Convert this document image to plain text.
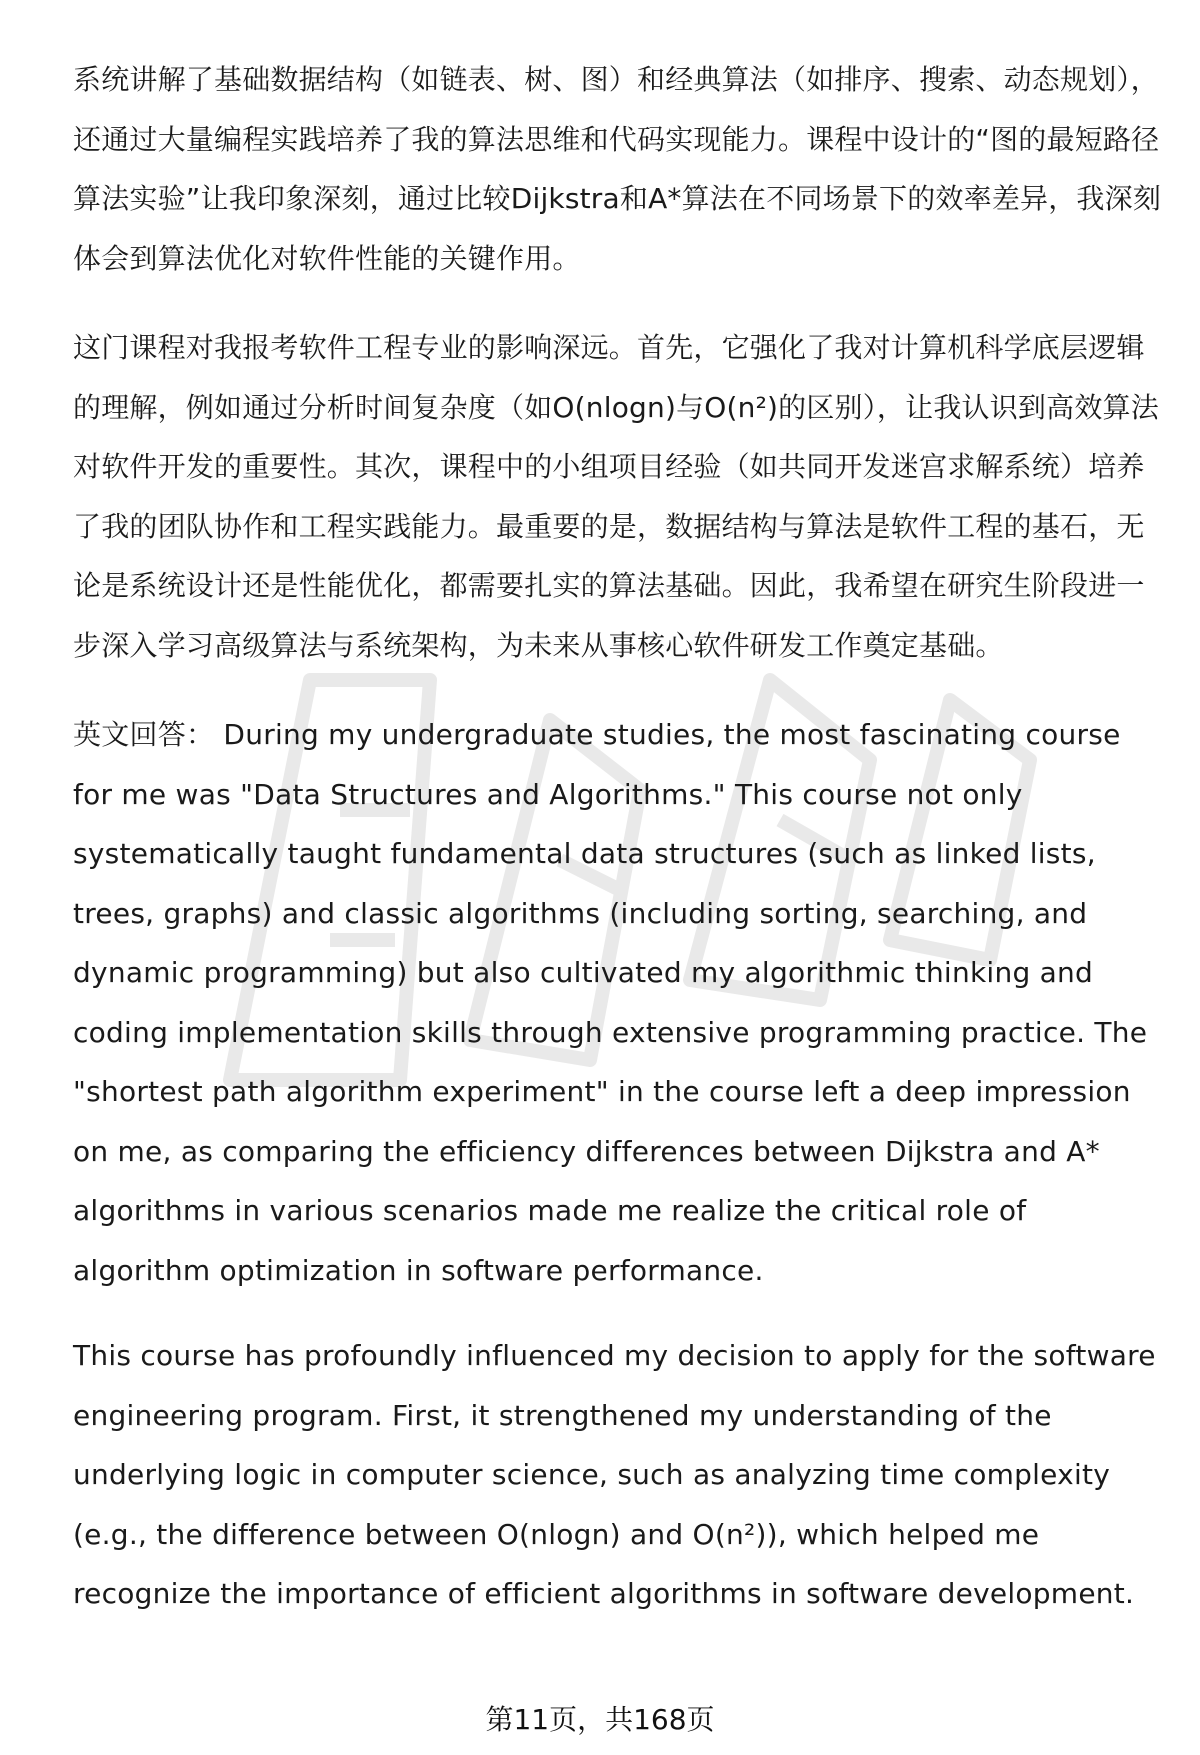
系统讲解了基础数据结构（如链表、树、图）和经典算法（如排序、搜索、动态规划），还通过大量编程实践培养了我的算法思维和代码实现能力。课程中设计的“图的最短路径算法实验”让我印象深刻，通过比较Dijkstra和A*算法在不同场景下的效率差异，我深刻体会到算法优化对软件性能的关键作用。

这门课程对我报考软件工程专业的影响深远。首先，它强化了我对计算机科学底层逻辑的理解，例如通过分析时间复杂度（如O(nlogn)与O(n²)的区别），让我认识到高效算法对软件开发的重要性。其次，课程中的小组项目经验（如共同开发迷宫求解系统）培养了我的团队协作和工程实践能力。最重要的是，数据结构与算法是软件工程的基石，无论是系统设计还是性能优化，都需要扎实的算法基础。因此，我希望在研究生阶段进一步深入学习高级算法与系统架构，为未来从事核心软件研发工作奠定基础。

英文回答： During my undergraduate studies, the most fascinating course for me was "Data Structures and Algorithms." This course not only systematically taught fundamental data structures (such as linked lists, trees, graphs) and classic algorithms (including sorting, searching, and dynamic programming) but also cultivated my algorithmic thinking and coding implementation skills through extensive programming practice. The "shortest path algorithm experiment" in the course left a deep impression on me, as comparing the efficiency differences between Dijkstra and A* algorithms in various scenarios made me realize the critical role of algorithm optimization in software performance.

This course has profoundly influenced my decision to apply for the software engineering program. First, it strengthened my understanding of the underlying logic in computer science, such as analyzing time complexity (e.g., the difference between O(nlogn) and O(n²)), which helped me recognize the importance of efficient algorithms in software development.

第11页，共168页
